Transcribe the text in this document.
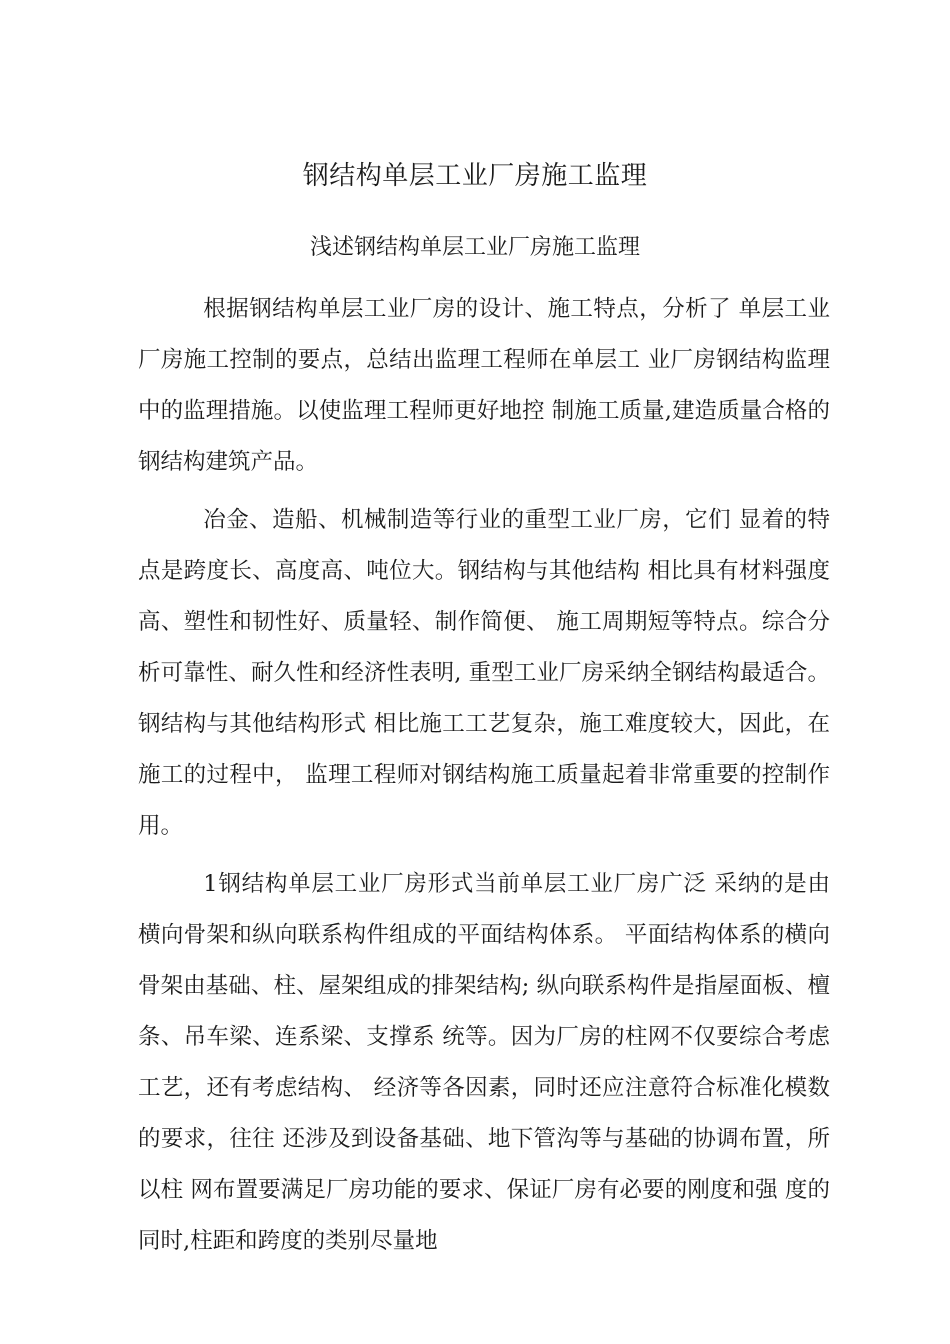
钢结构单层工业厂房施工监理
浅述钢结构单层工业厂房施工监理

根据钢结构单层工业厂房的设计、施工特点，分析了 单层工业厂房施工控制的要点，总结出监理工程师在单层工 业厂房钢结构监理中的监理措施。以使监理工程师更好地控 制施工质量,建造质量合格的钢结构建筑产品。

冶金、造船、机械制造等行业的重型工业厂房，它们 显着的特点是跨度长、高度高、吨位大。钢结构与其他结构 相比具有材料强度高、塑性和韧性好、质量轻、制作简便、 施工周期短等特点。综合分析可靠性、耐久性和经济性表明, 重型工业厂房采纳全钢结构最适合。钢结构与其他结构形式 相比施工工艺复杂，施工难度较大，因此，在施工的过程中， 监理工程师对钢结构施工质量起着非常重要的控制作用。

1钢结构单层工业厂房形式当前单层工业厂房广泛 采纳的是由横向骨架和纵向联系构件组成的平面结构体系。 平面结构体系的横向骨架由基础、柱、屋架组成的排架结构; 纵向联系构件是指屋面板、檀条、吊车梁、连系梁、支撑系 统等。因为厂房的柱网不仅要综合考虑工艺，还有考虑结构、 经济等各因素，同时还应注意符合标准化模数的要求，往往 还涉及到设备基础、地下管沟等与基础的协调布置，所以柱 网布置要满足厂房功能的要求、保证厂房有必要的刚度和强 度的同时,柱距和跨度的类别尽量地
